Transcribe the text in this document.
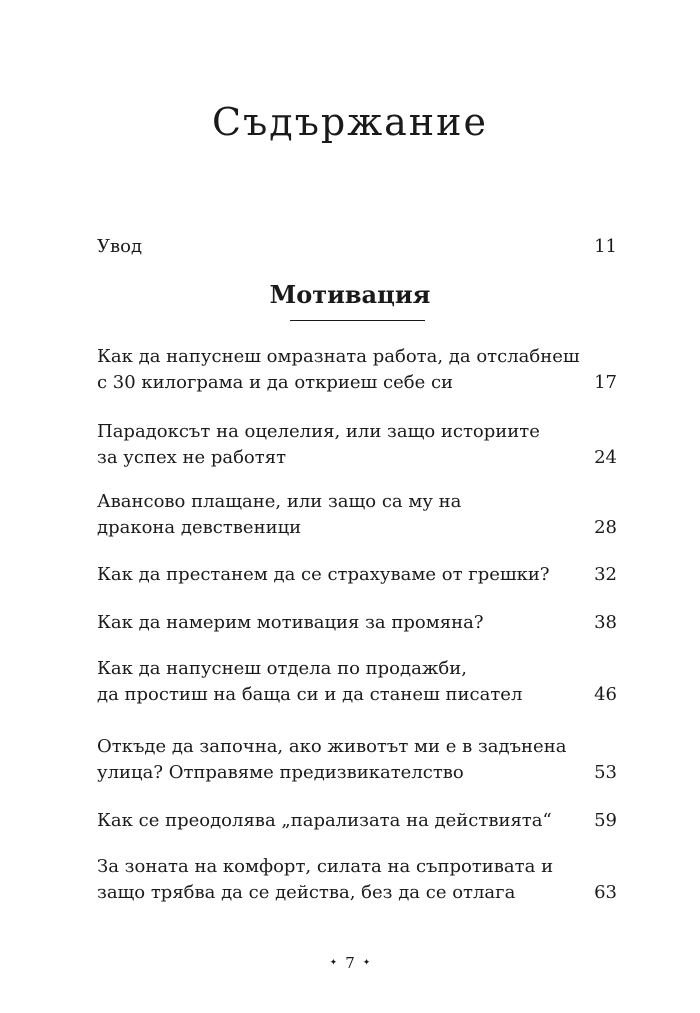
Съдържание
Увод	11
Мотивация
Как да напуснеш омразната работа, да отслабнеш
с 30 килограма и да откриеш себе си	17
Парадоксът на оцелелия, или защо историите
за успех не работят	24
Авансово плащане, или защо са му на
дракона девственици	28
Как да престанем да се страхуваме от грешки? 32
Как да намерим мотивация за промяна?	38
Как да напуснеш отдела по продажби,
да простиш на баща си и да станеш писател	46
Откъде да започна, ако животът ми е в задънена
улица? Отправяме предизвикателство	53
Как се преодолява „парализата на действията“ 59
За зоната на комфорт, силата на съпротивата и
защо трябва да се действа, без да се отлага	63
✦ 7 ✦
